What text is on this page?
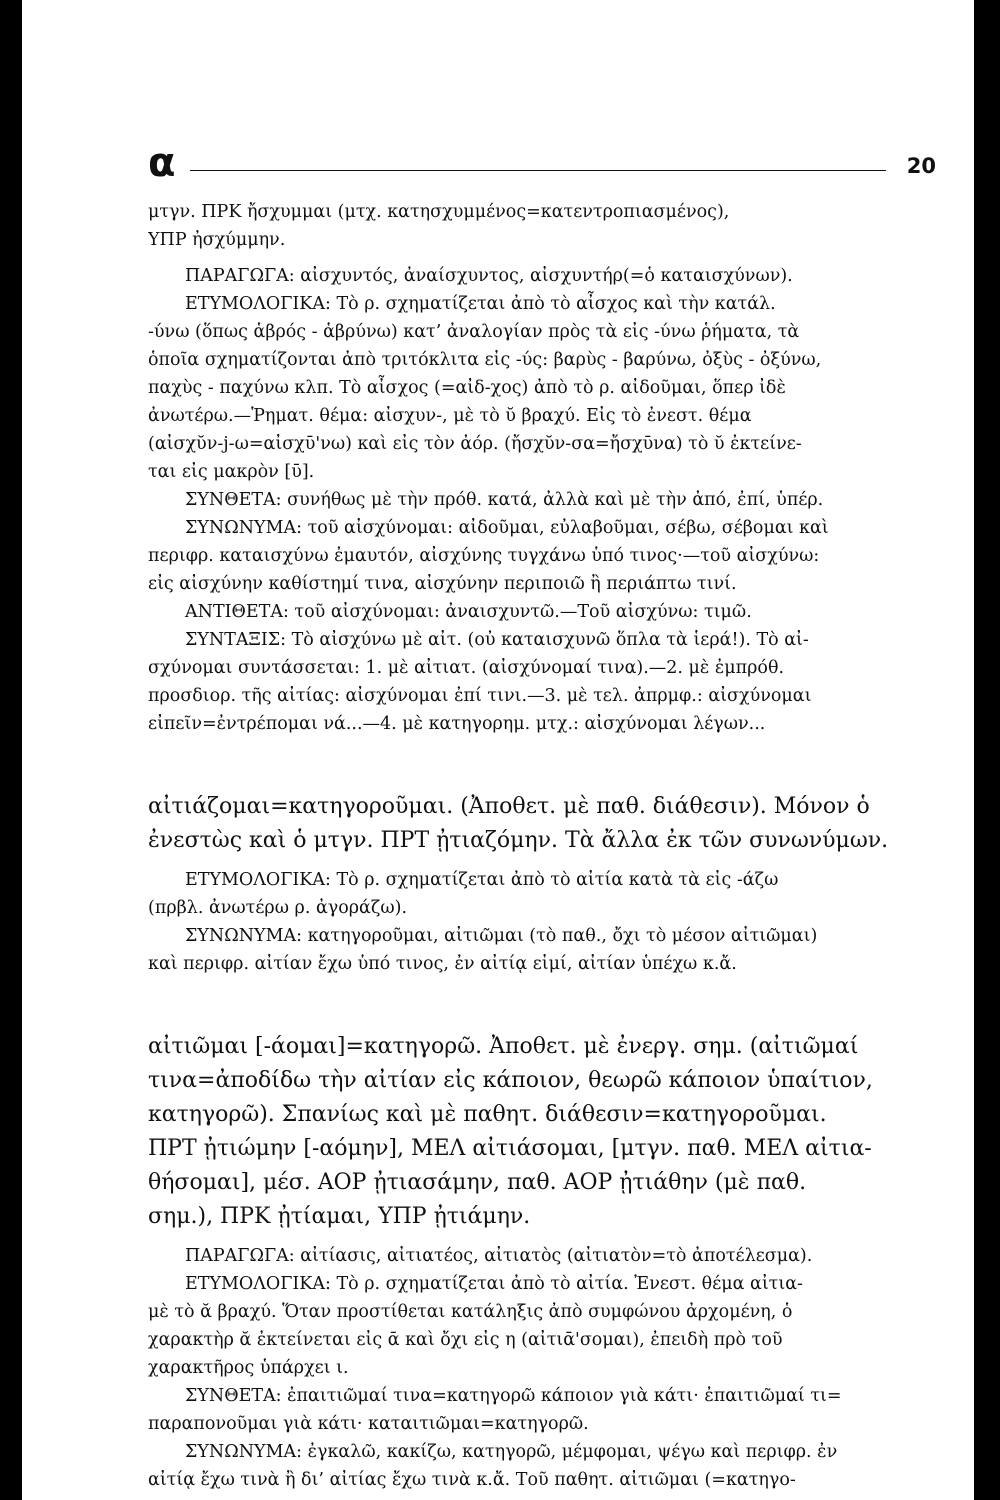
α	20
μτγν. ΠΡΚ ἤσχυμμαι (μτχ. κατησχυμμένος=κατεντροπιασμένος),
ΥΠΡ ἠσχύμμην.
ΠΑΡΑΓΩΓΑ: αἰσχυντός, ἀναίσχυντος, αἰσχυντήρ(=ὁ καταισχύνων).
ΕΤΥΜΟΛΟΓΙΚΑ: Τὸ ρ. σχηματίζεται ἀπὸ τὸ αἶσχος καὶ τὴν κατάλ.
-ύνω (ὅπως ἁβρός - ἁβρύνω) κατ’ ἀναλογίαν πρὸς τὰ εἰς -ύνω ῥήματα, τὰ
ὁποῖα σχηματίζονται ἀπὸ τριτόκλιτα εἰς -ύς: βαρὺς - βαρύνω, ὀξὺς - ὀξύνω,
παχὺς - παχύνω κλπ. Τὸ αἶσχος (=αἰδ-χος) ἀπὸ τὸ ρ. αἰδοῦμαι, ὅπερ ἰδὲ
ἀνωτέρω.—Ῥηματ. θέμα: αἰσχυν-, μὲ τὸ ῠ βραχύ. Εἰς τὸ ἐνεστ. θέμα
(αἰσχῠν-j-ω=αἰσχῡ'νω) καὶ εἰς τὸν ἀόρ. (ἤσχῠν-σα=ἤσχῡνα) τὸ ῠ ἐκτείνε-
ται εἰς μακρὸν [ῡ].
ΣΥΝΘΕΤΑ: συνήθως μὲ τὴν πρόθ. κατά, ἀλλὰ καὶ μὲ τὴν ἀπό, ἐπί, ὑπέρ.
ΣΥΝΩΝΥΜΑ: τοῦ αἰσχύνομαι: αἰδοῦμαι, εὐλαβοῦμαι, σέβω, σέβομαι καὶ
περιφρ. καταισχύνω ἐμαυτόν, αἰσχύνης τυγχάνω ὑπό τινος·—τοῦ αἰσχύνω:
εἰς αἰσχύνην καθίστημί τινα, αἰσχύνην περιποιῶ ἢ περιάπτω τινί.
ΑΝΤΙΘΕΤΑ: τοῦ αἰσχύνομαι: ἀναισχυντῶ.—Τοῦ αἰσχύνω: τιμῶ.
ΣΥΝΤΑΞΙΣ: Τὸ αἰσχύνω μὲ αἰτ. (οὐ καταισχυνῶ ὅπλα τὰ ἱερά!). Τὸ αἰ-
σχύνομαι συντάσσεται: 1. μὲ αἰτιατ. (αἰσχύνομαί τινα).—2. μὲ ἐμπρόθ.
προσδιορ. τῆς αἰτίας: αἰσχύνομαι ἐπί τινι.—3. μὲ τελ. ἀπρμφ.: αἰσχύνομαι
εἰπεῖν=ἐντρέπομαι νά...—4. μὲ κατηγορημ. μτχ.: αἰσχύνομαι λέγων...
αἰτιάζομαι=κατηγοροῦμαι. (Ἀποθετ. μὲ παθ. διάθεσιν). Μόνον ὁ
ἐνεστὼς καὶ ὁ μτγν. ΠΡΤ ᾐτιαζόμην. Τὰ ἄλλα ἐκ τῶν συνωνύμων.
ΕΤΥΜΟΛΟΓΙΚΑ: Τὸ ρ. σχηματίζεται ἀπὸ τὸ αἰτία κατὰ τὰ εἰς -άζω
(πρβλ. ἀνωτέρω ρ. ἀγοράζω).
ΣΥΝΩΝΥΜΑ: κατηγοροῦμαι, αἰτιῶμαι (τὸ παθ., ὄχι τὸ μέσον αἰτιῶμαι)
καὶ περιφρ. αἰτίαν ἔχω ὑπό τινος, ἐν αἰτίᾳ εἰμί, αἰτίαν ὑπέχω κ.ἄ.
αἰτιῶμαι [-άομαι]=κατηγορῶ. Ἀποθετ. μὲ ἐνεργ. σημ. (αἰτιῶμαί
τινα=ἀποδίδω τὴν αἰτίαν εἰς κάποιον, θεωρῶ κάποιον ὑπαίτιον,
κατηγορῶ). Σπανίως καὶ μὲ παθητ. διάθεσιν=κατηγοροῦμαι.
ΠΡΤ ᾐτιώμην [-αόμην], ΜΕΛ αἰτιάσομαι, [μτγν. παθ. ΜΕΛ αἰτια-
θήσομαι], μέσ. ΑΟΡ ᾐτιασάμην, παθ. ΑΟΡ ᾐτιάθην (μὲ παθ.
σημ.), ΠΡΚ ᾐτίαμαι, ΥΠΡ ᾐτιάμην.
ΠΑΡΑΓΩΓΑ: αἰτίασις, αἰτιατέος, αἰτιατὸς (αἰτιατὸν=τὸ ἀποτέλεσμα).
ΕΤΥΜΟΛΟΓΙΚΑ: Τὸ ρ. σχηματίζεται ἀπὸ τὸ αἰτία. Ἐνεστ. θέμα αἰτια-
μὲ τὸ ᾰ βραχύ. Ὅταν προστίθεται κατάληξις ἀπὸ συμφώνου ἀρχομένη, ὁ
χαρακτὴρ ᾰ ἐκτείνεται εἰς ᾱ καὶ ὄχι εἰς η (αἰτιᾱ'σομαι), ἐπειδὴ πρὸ τοῦ
χαρακτῆρος ὑπάρχει ι.
ΣΥΝΘΕΤΑ: ἐπαιτιῶμαί τινα=κατηγορῶ κάποιον γιὰ κάτι· ἐπαιτιῶμαί τι=
παραπονοῦμαι γιὰ κάτι· καταιτιῶμαι=κατηγορῶ.
ΣΥΝΩΝΥΜΑ: ἐγκαλῶ, κακίζω, κατηγορῶ, μέμφομαι, ψέγω καὶ περιφρ. ἐν
αἰτίᾳ ἔχω τινὰ ἢ δι’ αἰτίας ἔχω τινὰ κ.ἄ. Τοῦ παθητ. αἰτιῶμαι (=κατηγο-
